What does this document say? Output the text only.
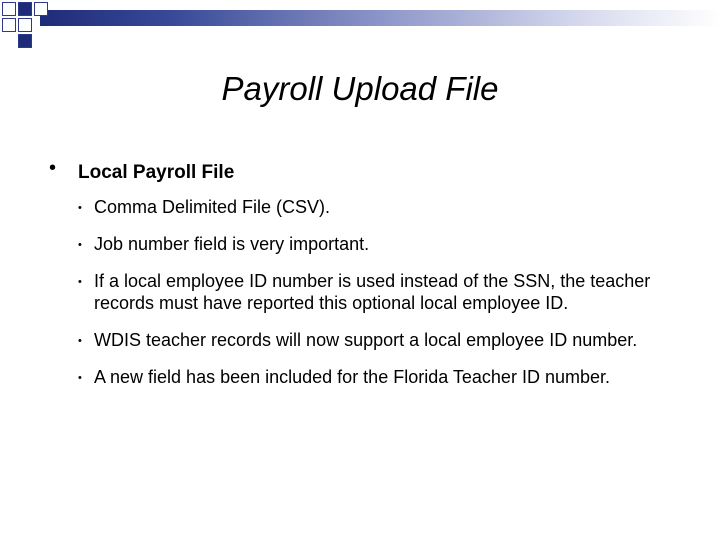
Payroll Upload File
• Local Payroll File
• Comma Delimited File (CSV).
• Job number field is very important.
• If a local employee ID number is used instead of the SSN, the teacher records must have reported this optional local employee ID.
• WDIS teacher records will now support a local employee ID number.
• A new field has been included for the Florida Teacher ID number.
